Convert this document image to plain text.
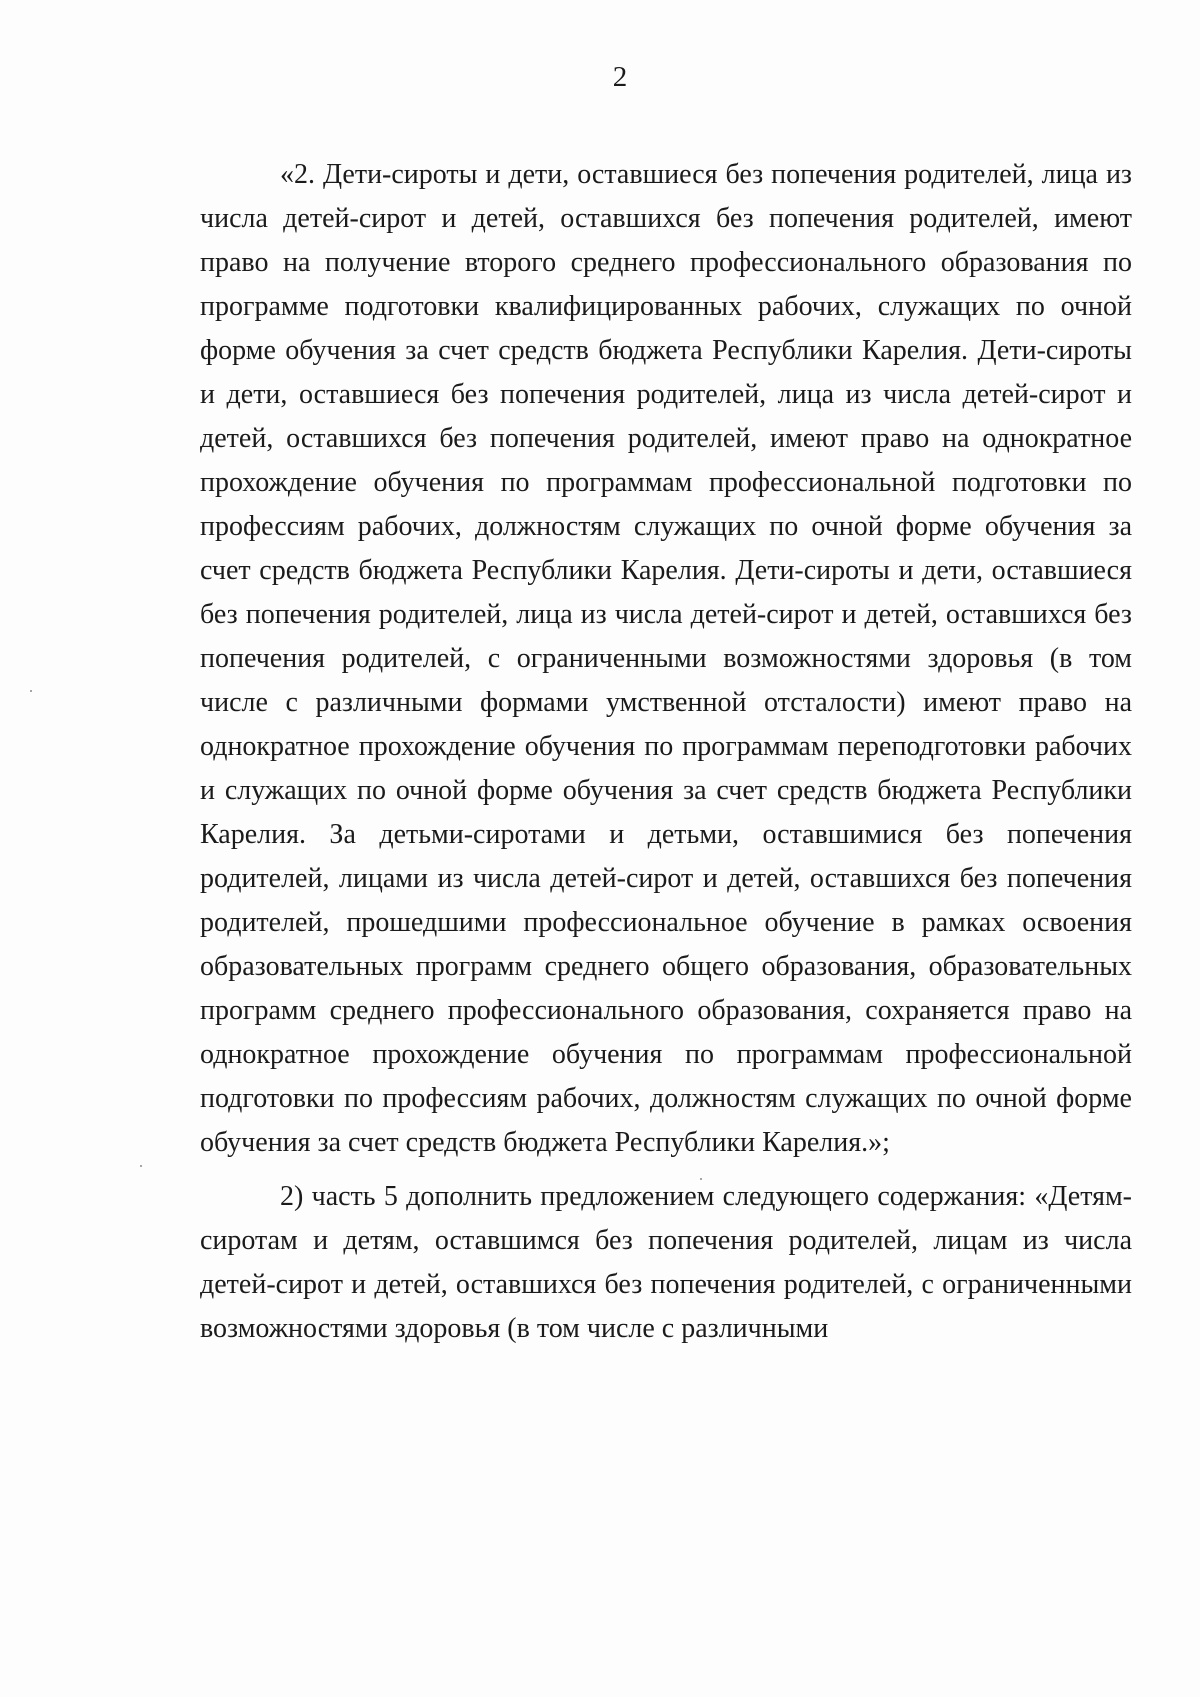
2

«2. Дети-сироты и дети, оставшиеся без попечения родителей, лица из числа детей-сирот и детей, оставшихся без попечения родителей, имеют право на получение второго среднего профессионального образования по программе подготовки квалифицированных рабочих, служащих по очной форме обучения за счет средств бюджета Республики Карелия. Дети-сироты и дети, оставшиеся без попечения родителей, лица из числа детей-сирот и детей, оставшихся без попечения родителей, имеют право на однократное прохождение обучения по программам профессиональной подготовки по профессиям рабочих, должностям служащих по очной форме обучения за счет средств бюджета Республики Карелия. Дети-сироты и дети, оставшиеся без попечения родителей, лица из числа детей-сирот и детей, оставшихся без попечения родителей, с ограниченными возможностями здоровья (в том числе с различными формами умственной отсталости) имеют право на однократное прохождение обучения по программам переподготовки рабочих и служащих по очной форме обучения за счет средств бюджета Республики Карелия. За детьми-сиротами и детьми, оставшимися без попечения родителей, лицами из числа детей-сирот и детей, оставшихся без попечения родителей, прошедшими профессиональное обучение в рамках освоения образовательных программ среднего общего образования, образовательных программ среднего профессионального образования, сохраняется право на однократное прохождение обучения по программам профессиональной подготовки по профессиям рабочих, должностям служащих по очной форме обучения за счет средств бюджета Республики Карелия.»;

2) часть 5 дополнить предложением следующего содержания: «Детям-сиротам и детям, оставшимся без попечения родителей, лицам из числа детей-сирот и детей, оставшихся без попечения родителей, с ограниченными возможностями здоровья (в том числе с различными
